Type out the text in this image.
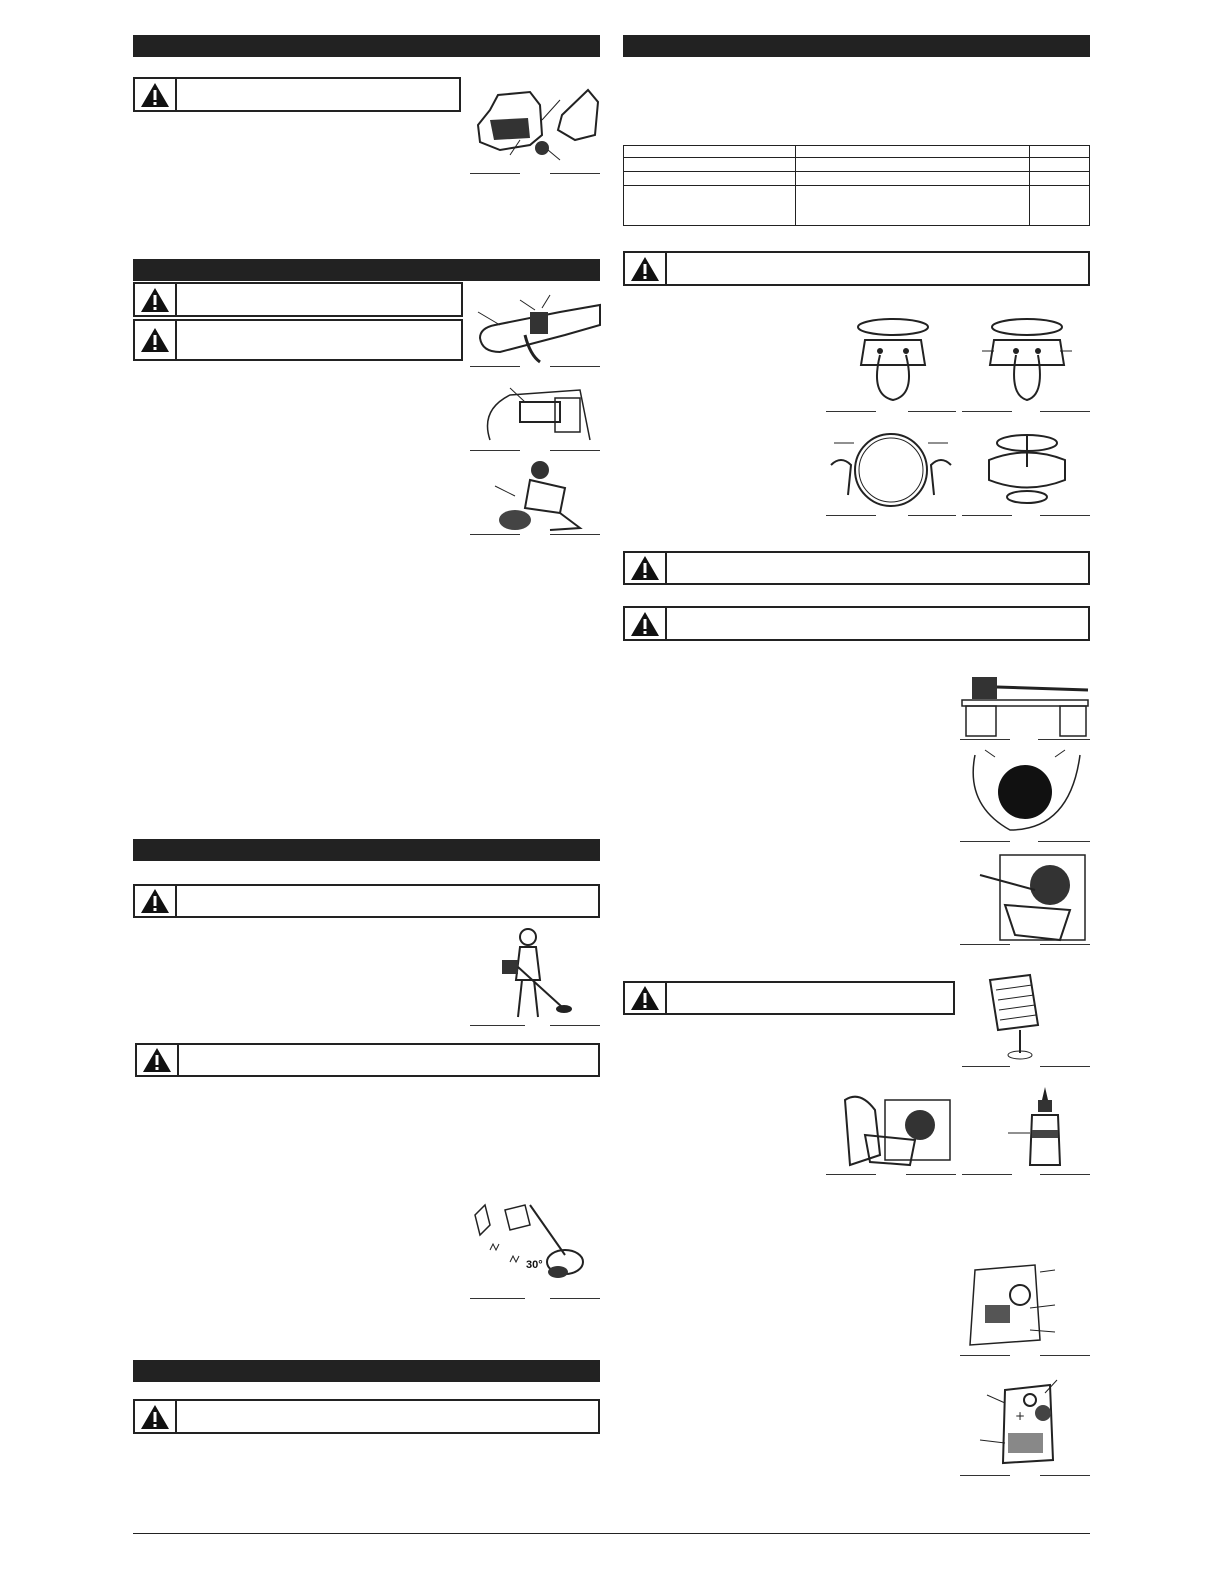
30°

+
